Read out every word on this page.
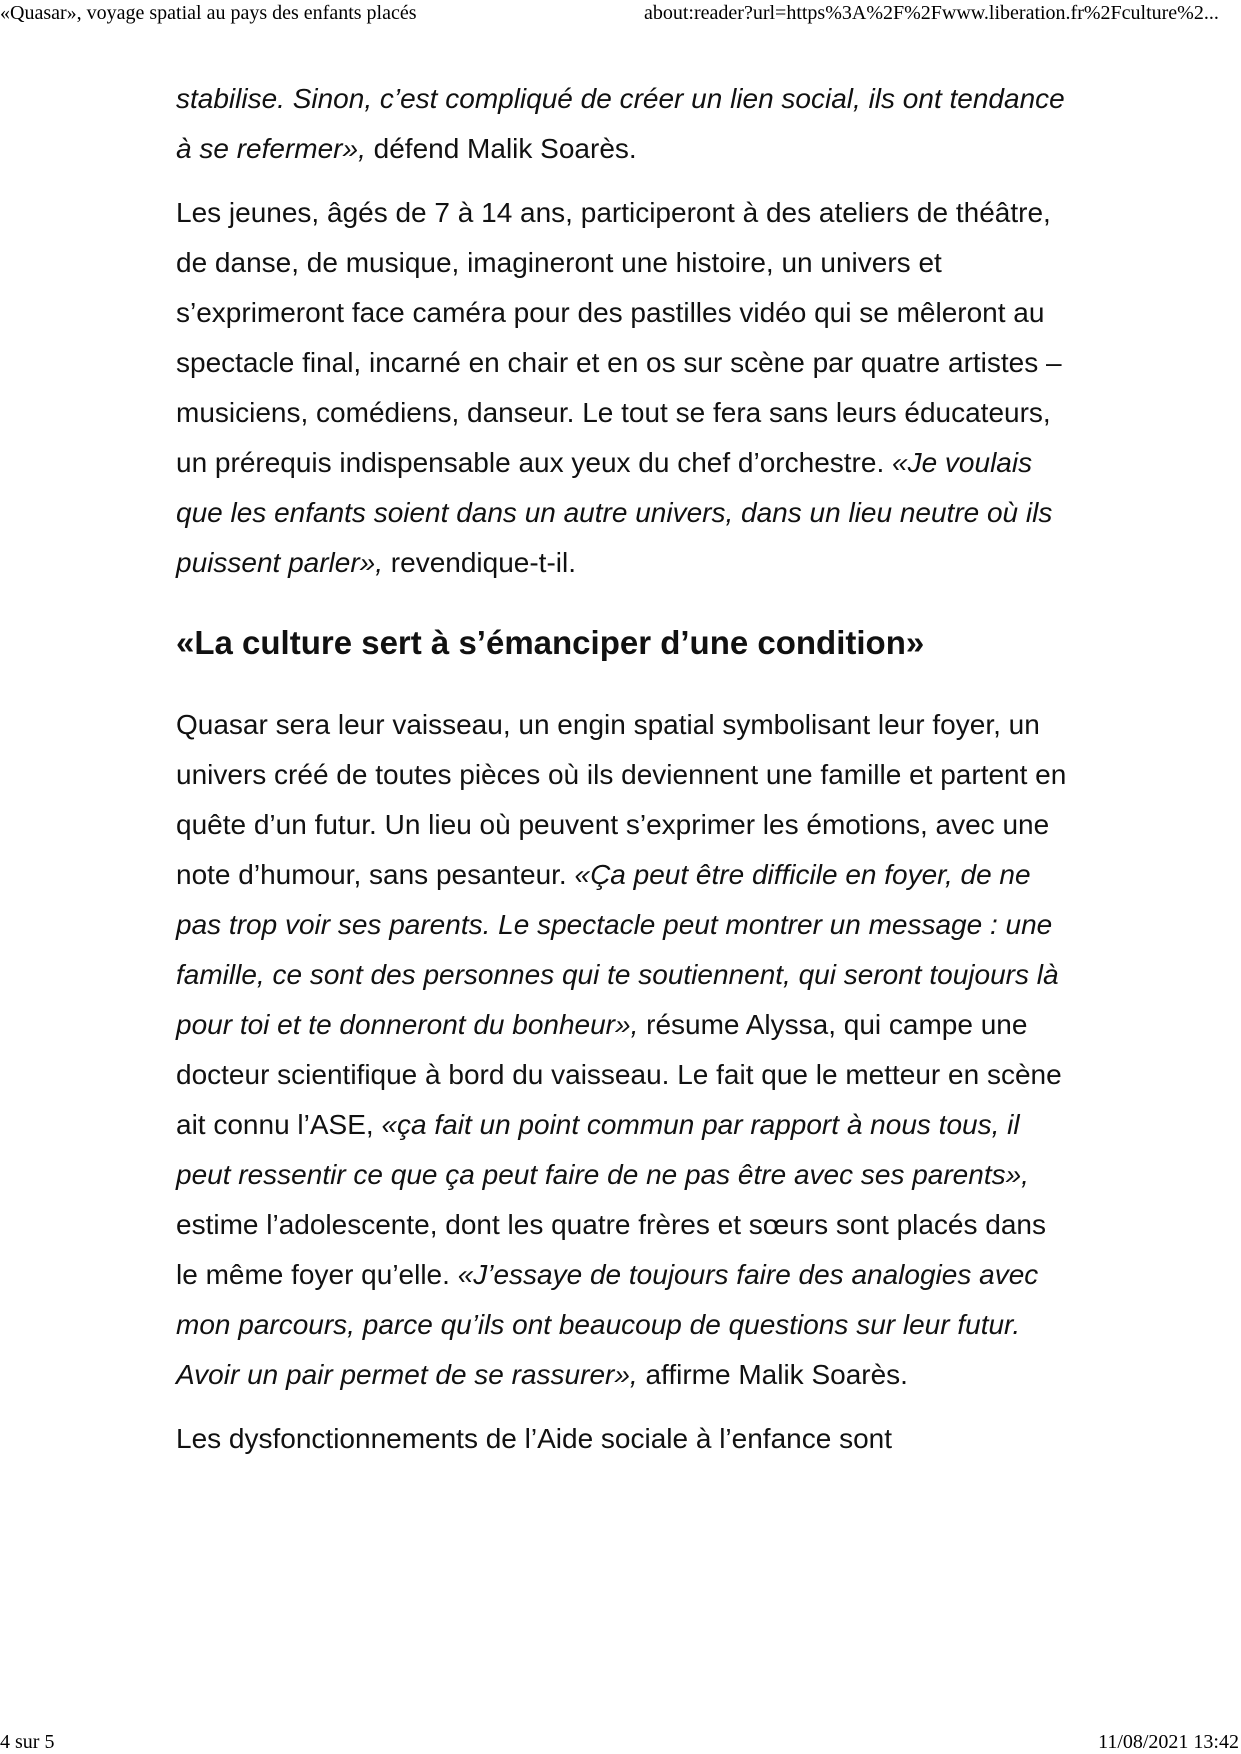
«Quasar», voyage spatial au pays des enfants placés	about:reader?url=https%3A%2F%2Fwww.liberation.fr%2Fculture%2...

stabilise. Sinon, c’est compliqué de créer un lien social, ils ont tendance à se refermer», défend Malik Soarès.

Les jeunes, âgés de 7 à 14 ans, participeront à des ateliers de théâtre, de danse, de musique, imagineront une histoire, un univers et s’exprimeront face caméra pour des pastilles vidéo qui se mêleront au spectacle final, incarné en chair et en os sur scène par quatre artistes – musiciens, comédiens, danseur. Le tout se fera sans leurs éducateurs, un prérequis indispensable aux yeux du chef d’orchestre. «Je voulais que les enfants soient dans un autre univers, dans un lieu neutre où ils puissent parler», revendique-t-il.

«La culture sert à s’émanciper d’une condition»

Quasar sera leur vaisseau, un engin spatial symbolisant leur foyer, un univers créé de toutes pièces où ils deviennent une famille et partent en quête d’un futur. Un lieu où peuvent s’exprimer les émotions, avec une note d’humour, sans pesanteur. «Ça peut être difficile en foyer, de ne pas trop voir ses parents. Le spectacle peut montrer un message : une famille, ce sont des personnes qui te soutiennent, qui seront toujours là pour toi et te donneront du bonheur», résume Alyssa, qui campe une docteur scientifique à bord du vaisseau. Le fait que le metteur en scène ait connu l’ASE, «ça fait un point commun par rapport à nous tous, il peut ressentir ce que ça peut faire de ne pas être avec ses parents», estime l’adolescente, dont les quatre frères et sœurs sont placés dans le même foyer qu’elle. «J’essaye de toujours faire des analogies avec mon parcours, parce qu’ils ont beaucoup de questions sur leur futur. Avoir un pair permet de se rassurer», affirme Malik Soarès.

Les dysfonctionnements de l’Aide sociale à l’enfance sont

4 sur 5	11/08/2021 13:42
